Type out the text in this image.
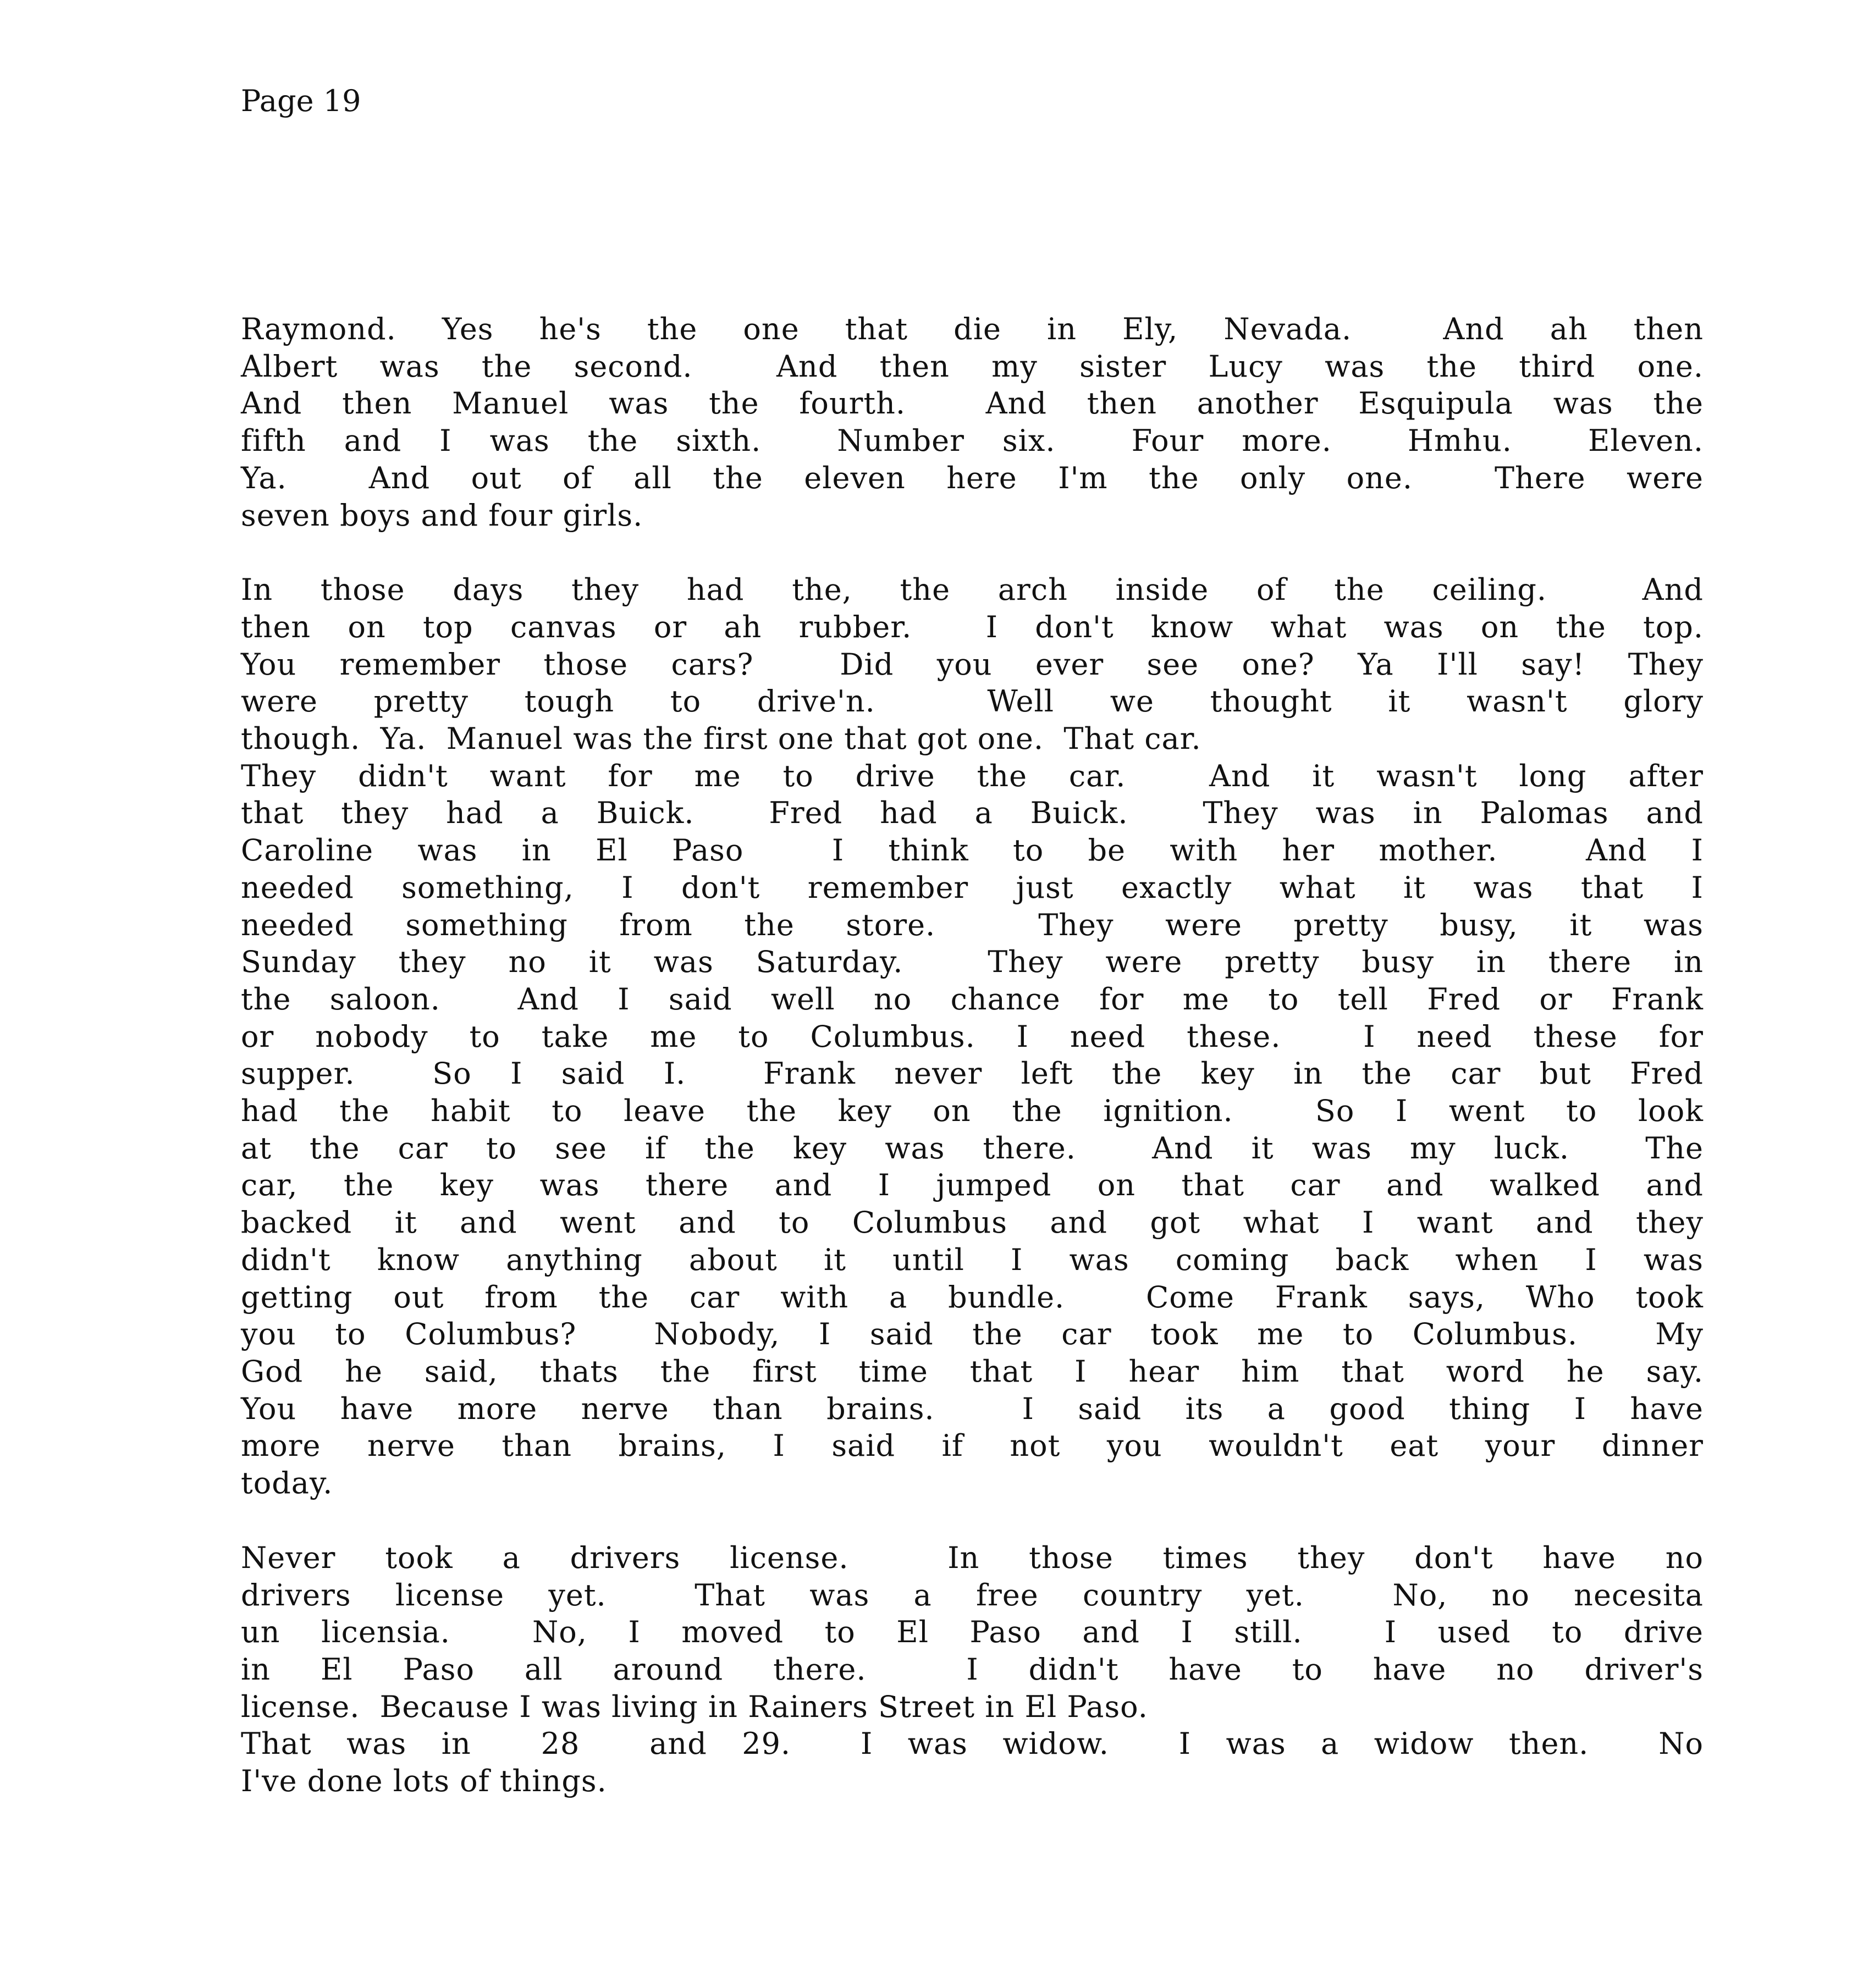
Page 19
Raymond. Yes he's the one that die in Ely, Nevada.  And ah then
Albert was the second.  And then my sister Lucy was the third one.
And then Manuel was the fourth.  And then another Esquipula was the
fifth and I was the sixth.  Number six.  Four more.  Hmhu.  Eleven.
Ya.  And out of all the eleven here I'm the only one.  There were
seven boys and four girls.
In those days they had the, the arch inside of the ceiling.  And
then on top canvas or ah rubber.  I don't know what was on the top.
You remember those cars?  Did you ever see one? Ya I'll say! They
were pretty tough to drive'n.  Well we thought it wasn't glory
though.  Ya.  Manuel was the first one that got one.  That car.
They didn't want for me to drive the car.  And it wasn't long after
that they had a Buick.  Fred had a Buick.  They was in Palomas and
Caroline was in El Paso  I think to be with her mother.  And I
needed something, I don't remember just exactly what it was that I
needed something from the store.  They were pretty busy, it was
Sunday they no it was Saturday.  They were pretty busy in there in
the saloon.  And I said well no chance for me to tell Fred or Frank
or nobody to take me to Columbus. I need these.  I need these for
supper.  So I said I.  Frank never left the key in the car but Fred
had the habit to leave the key on the ignition.  So I went to look
at the car to see if the key was there.  And it was my luck.  The
car, the key was there and I jumped on that car and walked and
backed it and went and to Columbus and got what I want and they
didn't know anything about it until I was coming back when I was
getting out from the car with a bundle.  Come Frank says, Who took
you to Columbus?  Nobody, I said the car took me to Columbus.  My
God he said, thats the first time that I hear him that word he say.
You have more nerve than brains.  I said its a good thing I have
more nerve than brains, I said if not you wouldn't eat your dinner
today.
Never took a drivers license.  In those times they don't have no
drivers license yet.  That was a free country yet.  No, no necesita
un licensia.  No, I moved to El Paso and I still.  I used to drive
in El Paso all around there.  I didn't have to have no driver's
license.  Because I was living in Rainers Street in El Paso.
That was in  28  and 29.  I was widow.  I was a widow then.  No
I've done lots of things.
